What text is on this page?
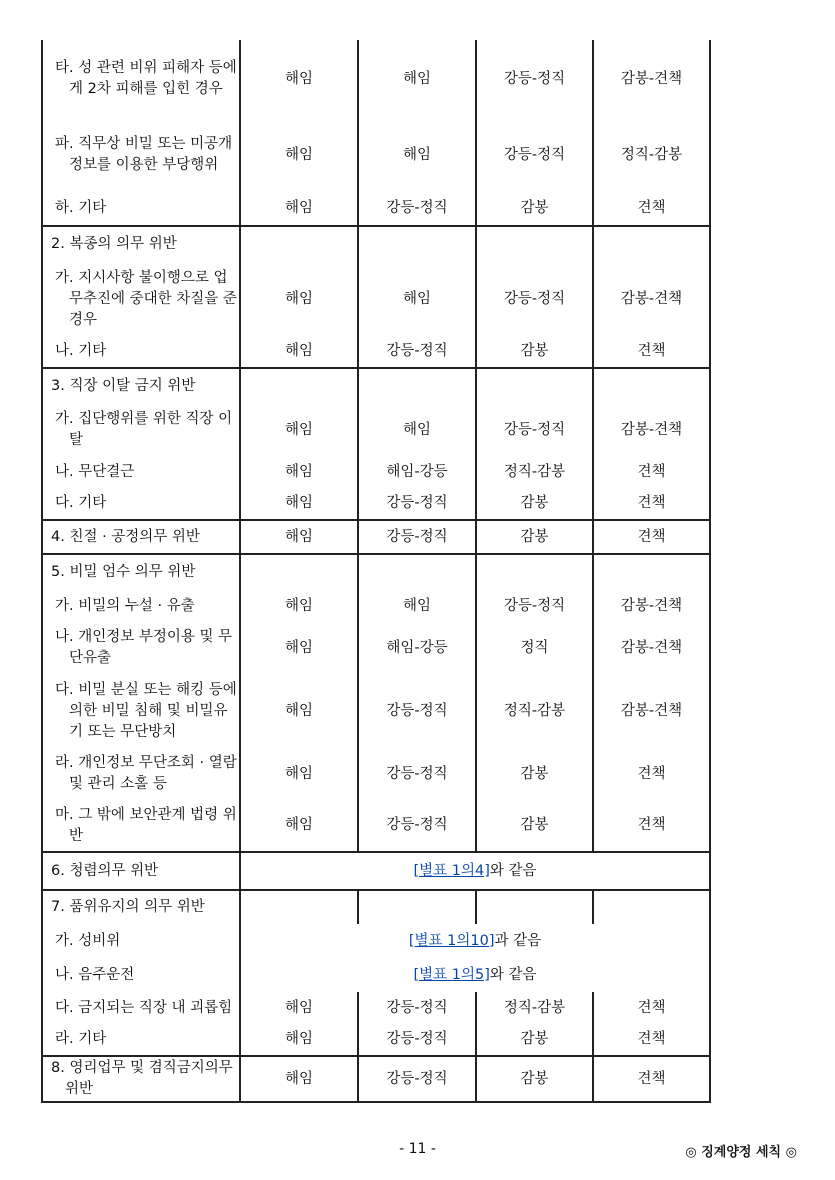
타. 성 관련 비위 피해자 등에게 2차 피해를 입힌 경우	해임	해임	강등-정직	감봉-견책

파. 직무상 비밀 또는 미공개정보를 이용한 부당행위	해임	해임	강등-정직	정직-감봉

하. 기타	해임	강등-정직	감봉	견책

2. 복종의 의무 위반				

가. 지시사항 불이행으로 업무추진에 중대한 차질을 준 경우	해임	해임	강등-정직	감봉-견책

나. 기타	해임	강등-정직	감봉	견책

3. 직장 이탈 금지 위반				

가. 집단행위를 위한 직장 이탈	해임	해임	강등-정직	감봉-견책

나. 무단결근	해임	해임-강등	정직-감봉	견책

다. 기타	해임	강등-정직	감봉	견책

4. 친절 · 공정의무 위반	해임	강등-정직	감봉	견책

5. 비밀 엄수 의무 위반				

가. 비밀의 누설 · 유출	해임	해임	강등-정직	감봉-견책

나. 개인정보 부정이용 및 무단유출	해임	해임-강등	정직	감봉-견책

다. 비밀 분실 또는 해킹 등에 의한 비밀 침해 및 비밀유기 또는 무단방치	해임	강등-정직	정직-감봉	감봉-견책

라. 개인정보 무단조회 · 열람 및 관리 소홀 등	해임	강등-정직	감봉	견책

마. 그 밖에 보안관계 법령 위반	해임	강등-정직	감봉	견책

6. 청렴의무 위반	[별표 1의4]와 같음			

7. 품위유지의 의무 위반				

가. 성비위	[별표 1의10]과 같음			

나. 음주운전	[별표 1의5]와 같음			

다. 금지되는 직장 내 괴롭힘	해임	강등-정직	정직-감봉	견책

라. 기타	해임	강등-정직	감봉	견책

8. 영리업무 및 겸직금지의무 위반	해임	강등-정직	감봉	견책
- 11 -	◎ 징계양정 세칙 ◎
